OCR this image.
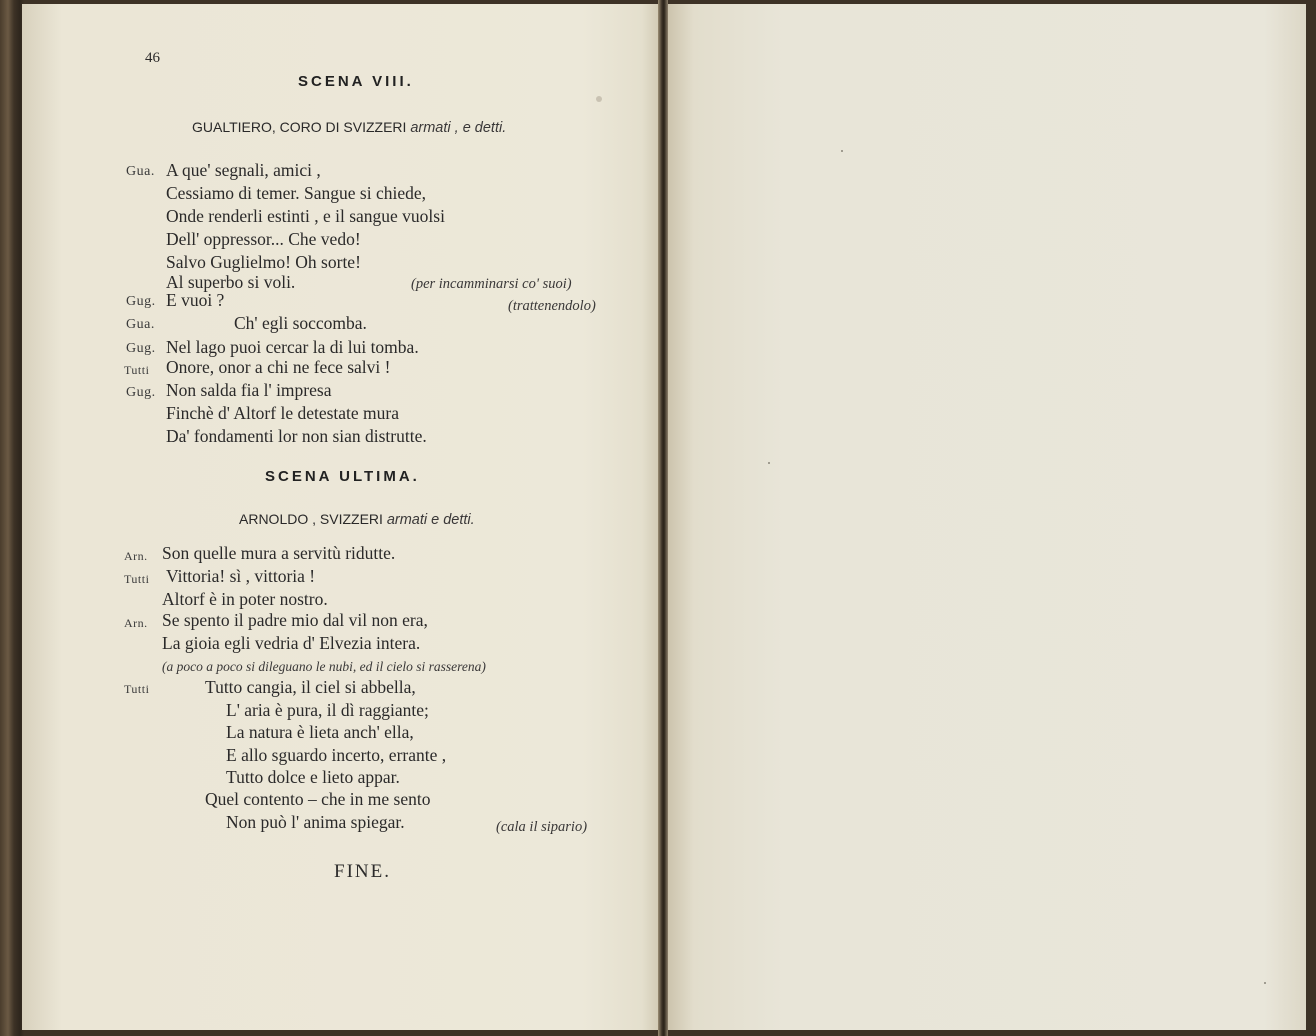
46
SCENA VIII.
GUALTIERO, CORO DI SVIZZERI armati , e detti.
Gua. A que' segnali, amici ,
Cessiamo di temer. Sangue si chiede,
Onde renderli estinti , e il sangue vuolsi
Dell' oppressor... Che vedo!
Salvo Guglielmo! Oh sorte!
Al superbo si voli.	(per incamminarsi co' suoi)
Gug. E vuoi ?	(trattenendolo)
Gua.	Ch' egli soccomba.
Gug. Nel lago puoi cercar la di lui tomba.
Tutti Onore, onor a chi ne fece salvi !
Gug. Non salda fia l' impresa
Finchè d' Altorf le detestate mura
Da' fondamenti lor non sian distrutte.
SCENA ULTIMA.
ARNOLDO , SVIZZERI armati e detti.
Arn. Son quelle mura a servitù ridutte.
Tutti Vittoria! sì , vittoria !
Altorf è in poter nostro.
Arn. Se spento il padre mio dal vil non era,
La gioia egli vedria d' Elvezia intera.
(a poco a poco si dileguano le nubi, ed il cielo si rasserena)
Tutti	Tutto cangia, il ciel si abbella,
L' aria è pura, il dì raggiante;
La natura è lieta anch' ella,
E allo sguardo incerto, errante ,
Tutto dolce e lieto appar.
Quel contento – che in me sento
Non può l' anima spiegar.	(cala il sipario)
FINE.
